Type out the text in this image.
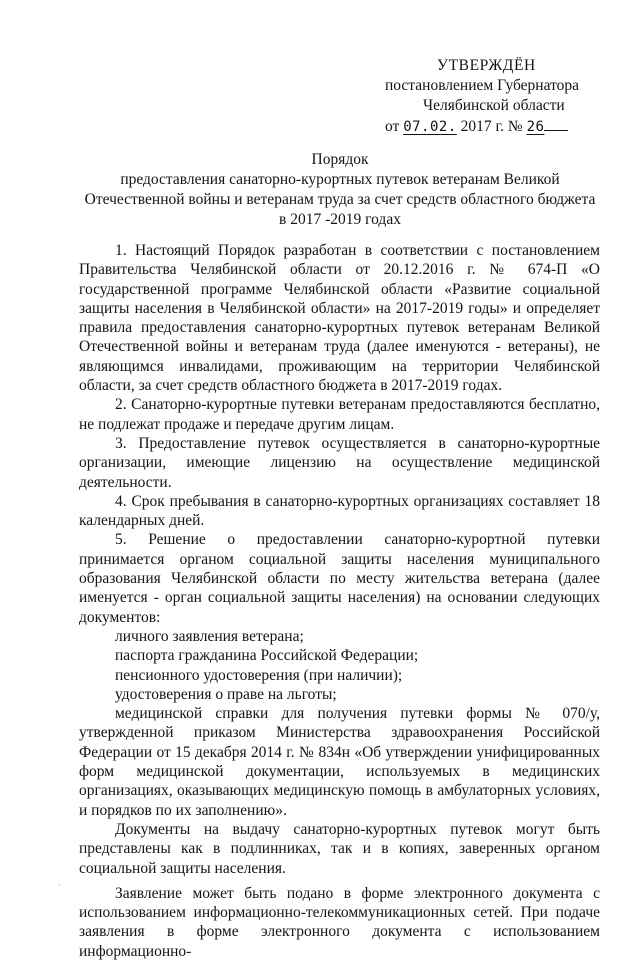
УТВЕРЖДЁН
постановлением Губернатора
Челябинской области
от 07.02. 2017 г. № 26
Порядок
предоставления санаторно-курортных путевок ветеранам Великой
Отечественной войны и ветеранам труда за счет средств областного бюджета
в 2017 -2019 годах

1. Настоящий Порядок разработан в соответствии с постановлением Правительства Челябинской области от 20.12.2016 г. № 674-П «О государственной программе Челябинской области «Развитие социальной защиты населения в Челябинской области» на 2017-2019 годы» и определяет правила предоставления санаторно-курортных путевок ветеранам Великой Отечественной войны и ветеранам труда (далее именуются - ветераны), не являющимся инвалидами, проживающим на территории Челябинской области, за счет средств областного бюджета в 2017-2019 годах.

2. Санаторно-курортные путевки ветеранам предоставляются бесплатно, не подлежат продаже и передаче другим лицам.

3. Предоставление путевок осуществляется в санаторно-курортные организации, имеющие лицензию на осуществление медицинской деятельности.

4. Срок пребывания в санаторно-курортных организациях составляет 18 календарных дней.

5. Решение о предоставлении санаторно-курортной путевки принимается органом социальной защиты населения муниципального образования Челябинской области по месту жительства ветерана (далее именуется - орган социальной защиты населения) на основании следующих документов:

личного заявления ветерана;

паспорта гражданина Российской Федерации;

пенсионного удостоверения (при наличии);

удостоверения о праве на льготы;

медицинской справки для получения путевки формы № 070/у, утвержденной приказом Министерства здравоохранения Российской Федерации от 15 декабря 2014 г. № 834н «Об утверждении унифицированных форм медицинской документации, используемых в медицинских организациях, оказывающих медицинскую помощь в амбулаторных условиях, и порядков по их заполнению».

Документы на выдачу санаторно-курортных путевок могут быть представлены как в подлинниках, так и в копиях, заверенных органом социальной защиты населения.

Заявление может быть подано в форме электронного документа с использованием информационно-телекоммуникационных сетей. При подаче заявления в форме электронного документа с использованием информационно-

·
